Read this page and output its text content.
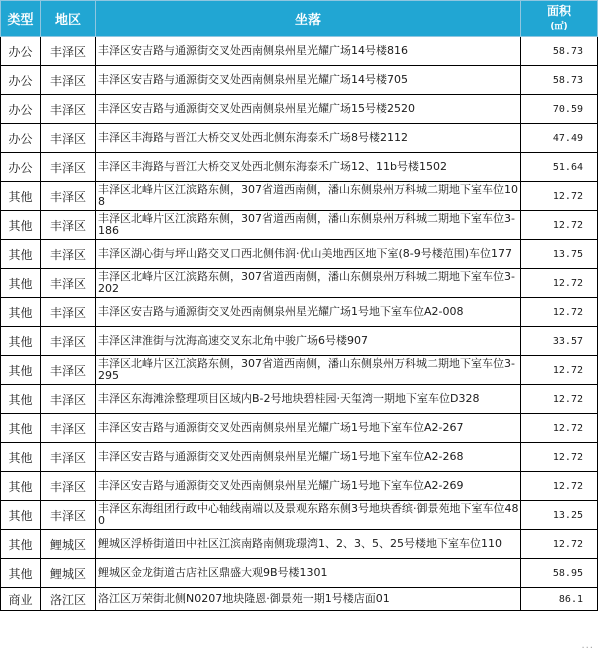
类型	地区	坐落	面积
(㎡)
办公	丰泽区	丰泽区安吉路与通源街交叉处西南侧泉州星光耀广场14号楼816	58.73
办公	丰泽区	丰泽区安吉路与通源街交叉处西南侧泉州星光耀广场14号楼705	58.73
办公	丰泽区	丰泽区安吉路与通源街交叉处西南侧泉州星光耀广场15号楼2520	70.59
办公	丰泽区	丰泽区丰海路与晋江大桥交叉处西北侧东海泰禾广场8号楼2112	47.49
办公	丰泽区	丰泽区丰海路与晋江大桥交叉处西北侧东海泰禾广场12、11b号楼1502	51.64
其他	丰泽区	丰泽区北峰片区江滨路东侧，307省道西南侧，潘山东侧泉州万科城二期地下室车位108	12.72
其他	丰泽区	丰泽区北峰片区江滨路东侧，307省道西南侧，潘山东侧泉州万科城二期地下室车位3-186	12.72
其他	丰泽区	丰泽区湖心街与坪山路交叉口西北侧伟润·优山美地西区地下室(8-9号楼范围)车位177	13.75
其他	丰泽区	丰泽区北峰片区江滨路东侧，307省道西南侧，潘山东侧泉州万科城二期地下室车位3-202	12.72
其他	丰泽区	丰泽区安吉路与通源街交叉处西南侧泉州星光耀广场1号地下室车位A2-008	12.72
其他	丰泽区	丰泽区津淮街与沈海高速交叉东北角中骏广场6号楼907	33.57
其他	丰泽区	丰泽区北峰片区江滨路东侧，307省道西南侧，潘山东侧泉州万科城二期地下室车位3-295	12.72
其他	丰泽区	丰泽区东海滩涂整理项目区域内B-2号地块碧桂园·天玺湾一期地下室车位D328	12.72
其他	丰泽区	丰泽区安吉路与通源街交叉处西南侧泉州星光耀广场1号地下室车位A2-267	12.72
其他	丰泽区	丰泽区安吉路与通源街交叉处西南侧泉州星光耀广场1号地下室车位A2-268	12.72
其他	丰泽区	丰泽区安吉路与通源街交叉处西南侧泉州星光耀广场1号地下室车位A2-269	12.72
其他	丰泽区	丰泽区东海组团行政中心轴线南端以及景观东路东侧3号地块香缤·御景苑地下室车位480	13.25
其他	鲤城区	鲤城区浮桥街道田中社区江滨南路南侧珑璟湾1、2、3、5、25号楼地下室车位110	12.72
其他	鲤城区	鲤城区金龙街道古店社区鼎盛大观9B号楼1301	58.95
商业	洛江区	洛江区万荣街北侧N0207地块隆恩·御景苑一期1号楼店面01	86.1
···
